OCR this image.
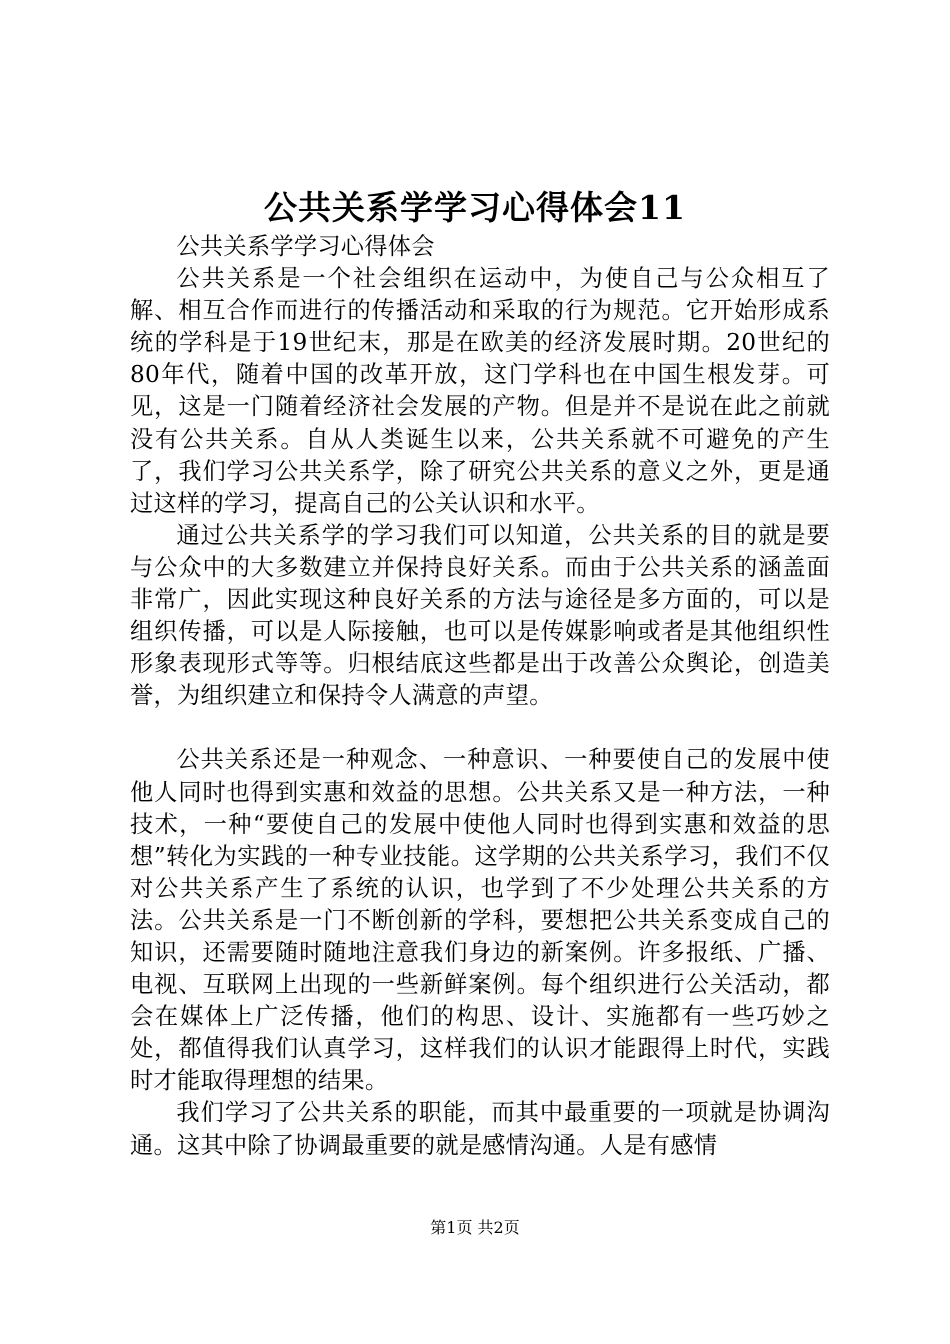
公共关系学学习心得体会11

公共关系学学习心得体会

公共关系是一个社会组织在运动中，为使自己与公众相互了解、相互合作而进行的传播活动和采取的行为规范。它开始形成系统的学科是于19世纪末，那是在欧美的经济发展时期。20世纪的80年代，随着中国的改革开放，这门学科也在中国生根发芽。可见，这是一门随着经济社会发展的产物。但是并不是说在此之前就没有公共关系。自从人类诞生以来，公共关系就不可避免的产生了，我们学习公共关系学，除了研究公共关系的意义之外，更是通过这样的学习，提高自己的公关认识和水平。

通过公共关系学的学习我们可以知道，公共关系的目的就是要与公众中的大多数建立并保持良好关系。而由于公共关系的涵盖面非常广，因此实现这种良好关系的方法与途径是多方面的，可以是组织传播，可以是人际接触，也可以是传媒影响或者是其他组织性形象表现形式等等。归根结底这些都是出于改善公众舆论，创造美誉，为组织建立和保持令人满意的声望。

公共关系还是一种观念、一种意识、一种要使自己的发展中使他人同时也得到实惠和效益的思想。公共关系又是一种方法，一种技术，一种“要使自己的发展中使他人同时也得到实惠和效益的思想”转化为实践的一种专业技能。这学期的公共关系学习，我们不仅对公共关系产生了系统的认识，也学到了不少处理公共关系的方法。公共关系是一门不断创新的学科，要想把公共关系变成自己的知识，还需要随时随地注意我们身边的新案例。许多报纸、广播、电视、互联网上出现的一些新鲜案例。每个组织进行公关活动，都会在媒体上广泛传播，他们的构思、设计、实施都有一些巧妙之处，都值得我们认真学习，这样我们的认识才能跟得上时代，实践时才能取得理想的结果。

我们学习了公共关系的职能，而其中最重要的一项就是协调沟通。这其中除了协调最重要的就是感情沟通。人是有感情

第1页 共2页
